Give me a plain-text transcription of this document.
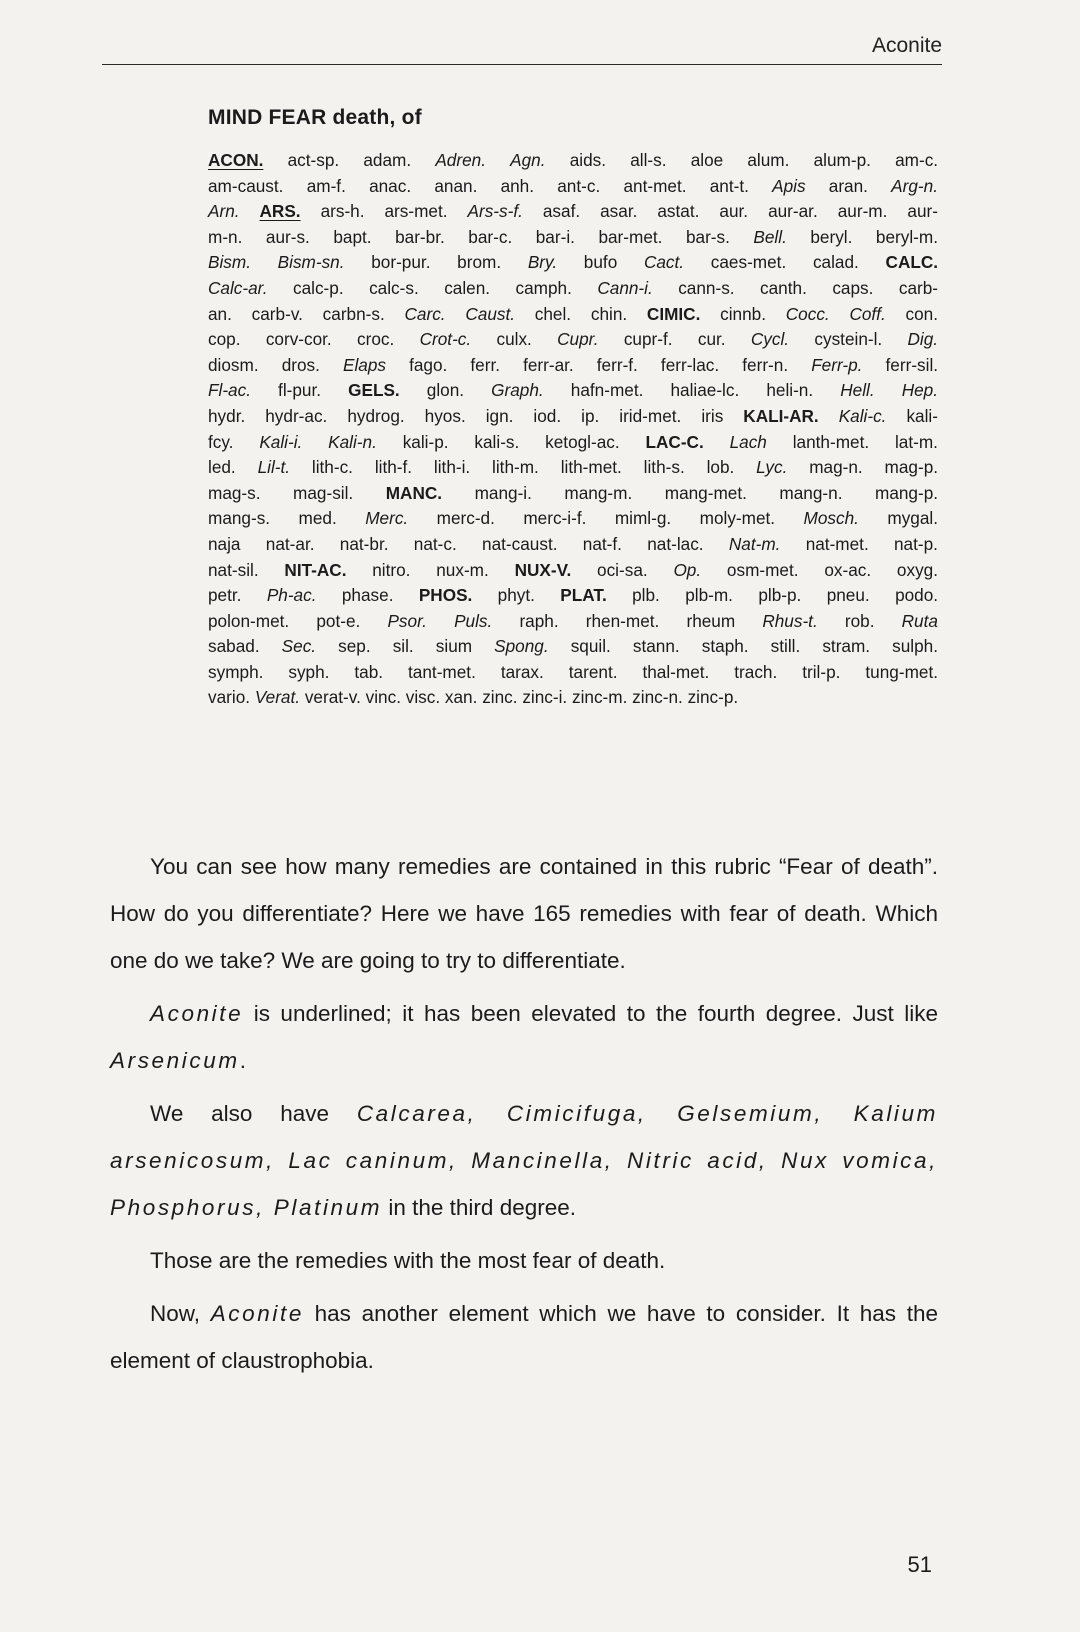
Aconite
MIND FEAR death, of
ACON. act-sp. adam. Adren. Agn. aids. all-s. aloe alum. alum-p. am-c.
am-caust. am-f. anac. anan. anh. ant-c. ant-met. ant-t. Apis aran. Arg-n.
Arn. ARS. ars-h. ars-met. Ars-s-f. asaf. asar. astat. aur. aur-ar. aur-m. aur-
m-n. aur-s. bapt. bar-br. bar-c. bar-i. bar-met. bar-s. Bell. beryl. beryl-m.
Bism. Bism-sn. bor-pur. brom. Bry. bufo Cact. caes-met. calad. CALC.
Calc-ar. calc-p. calc-s. calen. camph. Cann-i. cann-s. canth. caps. carb-
an. carb-v. carbn-s. Carc. Caust. chel. chin. CIMIC. cinnb. Cocc. Coff. con.
cop. corv-cor. croc. Crot-c. culx. Cupr. cupr-f. cur. Cycl. cystein-l. Dig.
diosm. dros. Elaps fago. ferr. ferr-ar. ferr-f. ferr-lac. ferr-n. Ferr-p. ferr-sil.
Fl-ac. fl-pur. GELS. glon. Graph. hafn-met. haliae-lc. heli-n. Hell. Hep.
hydr. hydr-ac. hydrog. hyos. ign. iod. ip. irid-met. iris KALI-AR. Kali-c. kali-
fcy. Kali-i. Kali-n. kali-p. kali-s. ketogl-ac. LAC-C. Lach lanth-met. lat-m.
led. Lil-t. lith-c. lith-f. lith-i. lith-m. lith-met. lith-s. lob. Lyc. mag-n. mag-p.
mag-s. mag-sil. MANC. mang-i. mang-m. mang-met. mang-n. mang-p.
mang-s. med. Merc. merc-d. merc-i-f. miml-g. moly-met. Mosch. mygal.
naja nat-ar. nat-br. nat-c. nat-caust. nat-f. nat-lac. Nat-m. nat-met. nat-p.
nat-sil. NIT-AC. nitro. nux-m. NUX-V. oci-sa. Op. osm-met. ox-ac. oxyg.
petr. Ph-ac. phase. PHOS. phyt. PLAT. plb. plb-m. plb-p. pneu. podo.
polon-met. pot-e. Psor. Puls. raph. rhen-met. rheum Rhus-t. rob. Ruta
sabad. Sec. sep. sil. sium Spong. squil. stann. staph. still. stram. sulph.
symph. syph. tab. tant-met. tarax. tarent. thal-met. trach. tril-p. tung-met.
vario. Verat. verat-v. vinc. visc. xan. zinc. zinc-i. zinc-m. zinc-n. zinc-p.

You can see how many remedies are contained in this rubric “Fear of death”. How do you differentiate? Here we have 165 remedies with fear of death. Which one do we take? We are going to try to differentiate.

Aconite is underlined; it has been elevated to the fourth degree. Just like Arsenicum.

We also have Calcarea, Cimicifuga, Gelsemium, Kalium arsenicosum, Lac caninum, Mancinella, Nitric acid, Nux vomica, Phosphorus, Platinum in the third degree.

Those are the remedies with the most fear of death.

Now, Aconite has another element which we have to consider. It has the element of claustrophobia.

51
